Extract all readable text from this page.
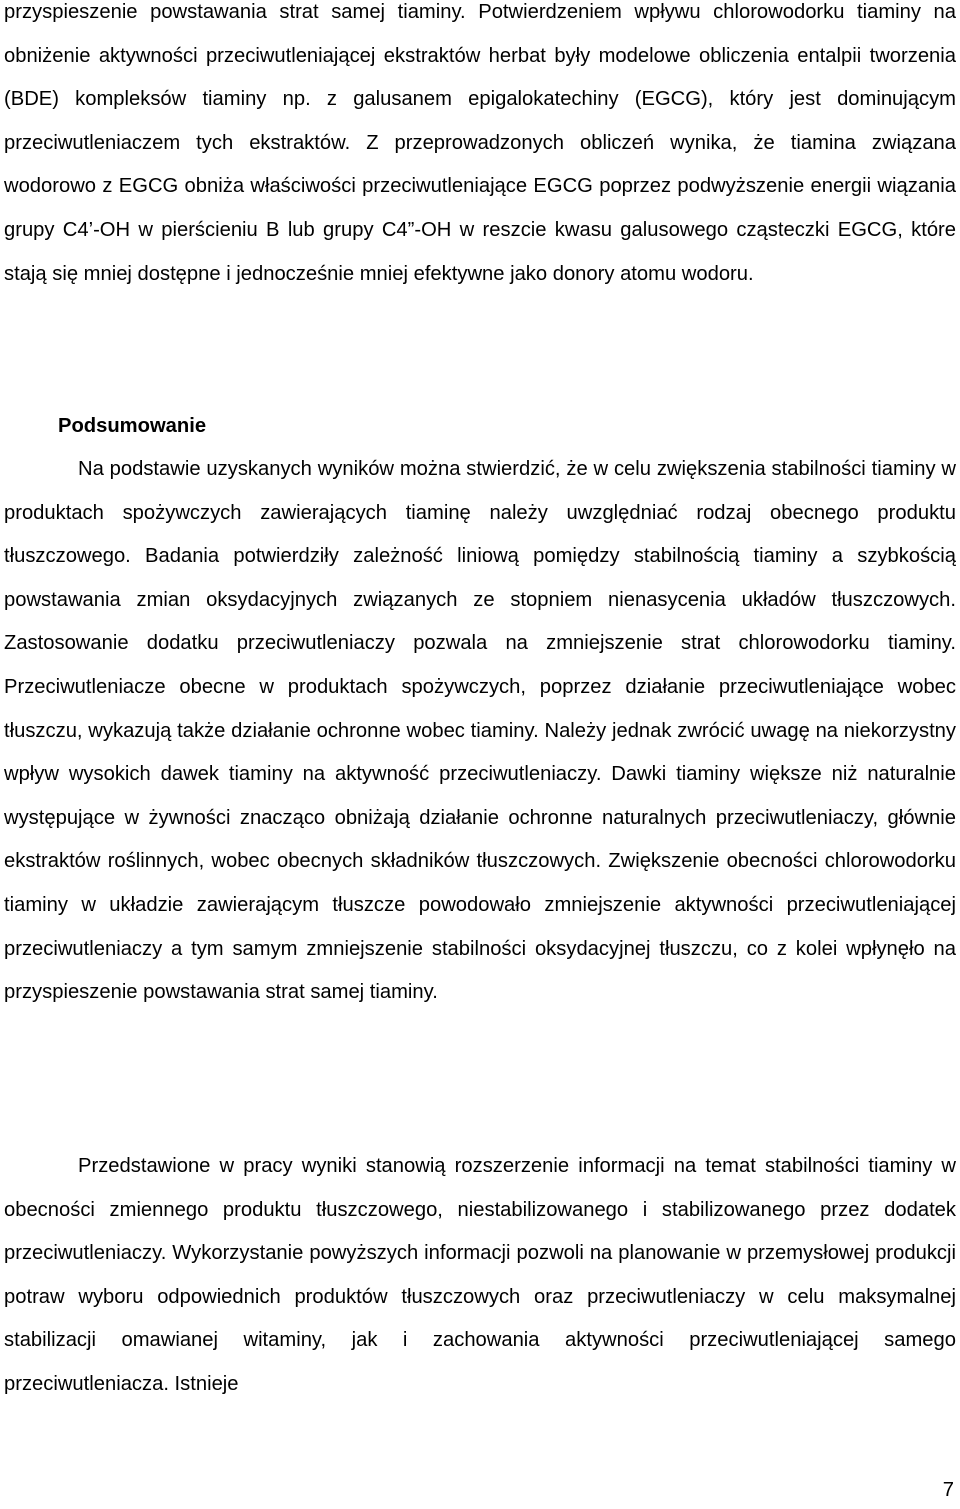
przyspieszenie powstawania strat samej tiaminy. Potwierdzeniem wpływu chlorowodorku tiaminy na obniżenie aktywności przeciwutleniającej ekstraktów herbat były modelowe obliczenia entalpii tworzenia (BDE) kompleksów tiaminy np. z galusanem epigalokatechiny (EGCG), który jest dominującym przeciwutleniaczem tych ekstraktów. Z przeprowadzonych obliczeń wynika, że tiamina związana wodorowo z EGCG obniża właściwości przeciwutleniające EGCG poprzez podwyższenie energii wiązania grupy C4’-OH w pierścieniu B lub grupy C4”-OH w reszcie kwasu galusowego cząsteczki EGCG, które stają się mniej dostępne i jednocześnie mniej efektywne jako donory atomu wodoru.

Podsumowanie

Na podstawie uzyskanych wyników można stwierdzić, że w celu zwiększenia stabilności tiaminy w produktach spożywczych zawierających tiaminę należy uwzględniać rodzaj obecnego produktu tłuszczowego. Badania potwierdziły zależność liniową pomiędzy stabilnością tiaminy a szybkością powstawania zmian oksydacyjnych związanych ze stopniem nienasycenia układów tłuszczowych. Zastosowanie dodatku przeciwutleniaczy pozwala na zmniejszenie strat chlorowodorku tiaminy. Przeciwutleniacze obecne w produktach spożywczych, poprzez działanie przeciwutleniające wobec tłuszczu, wykazują także działanie ochronne wobec tiaminy. Należy jednak zwrócić uwagę na niekorzystny wpływ wysokich dawek tiaminy na aktywność przeciwutleniaczy. Dawki tiaminy większe niż naturalnie występujące w żywności znacząco obniżają działanie ochronne naturalnych przeciwutleniaczy, głównie ekstraktów roślinnych, wobec obecnych składników tłuszczowych. Zwiększenie obecności chlorowodorku tiaminy w układzie zawierającym tłuszcze powodowało zmniejszenie aktywności przeciwutleniającej przeciwutleniaczy a tym samym zmniejszenie stabilności oksydacyjnej tłuszczu, co z kolei wpłynęło na przyspieszenie powstawania strat samej tiaminy.

Przedstawione w pracy wyniki stanowią rozszerzenie informacji na temat stabilności tiaminy w obecności zmiennego produktu tłuszczowego, niestabilizowanego i stabilizowanego przez dodatek przeciwutleniaczy. Wykorzystanie powyższych informacji pozwoli na planowanie w przemysłowej produkcji potraw wyboru odpowiednich produktów tłuszczowych oraz przeciwutleniaczy w celu maksymalnej stabilizacji omawianej witaminy, jak i zachowania aktywności przeciwutleniającej samego przeciwutleniacza. Istnieje

7
